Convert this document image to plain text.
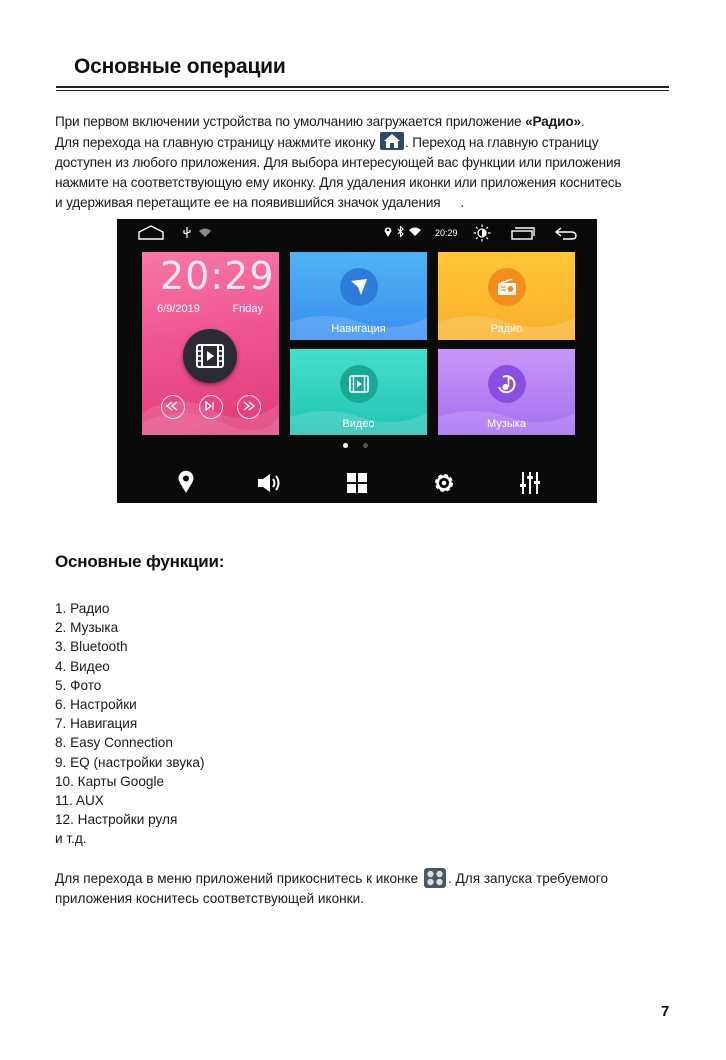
Основные операции

При первом включении устройства по умолчанию загружается приложение «Радио».

Для перехода на главную страницу нажмите иконку
. Переход на главную страницу

доступен из любого приложения. Для выбора интересующей вас функции или приложения

нажмите на соответствующую ему иконку. Для удаления иконки или приложения коснитесь

и удерживая перетащите ее на появившийся значок удаления .

20:29
20:29
6/9/2019	Friday
Навигация	Радио
Видео	Музыка
Основные функции:
1. Радио
2. Музыка
3. Bluetooth
4. Видео
5. Фото
6. Настройки
7. Навигация
8. Easy Connection
9. EQ (настройки звука)
10. Карты Google
11. AUX
12. Настройки руля
и т.д.

Для перехода в меню приложений прикоснитесь к иконке
. Для запуска требуемого

приложения коснитесь соответствующей иконки.

7
